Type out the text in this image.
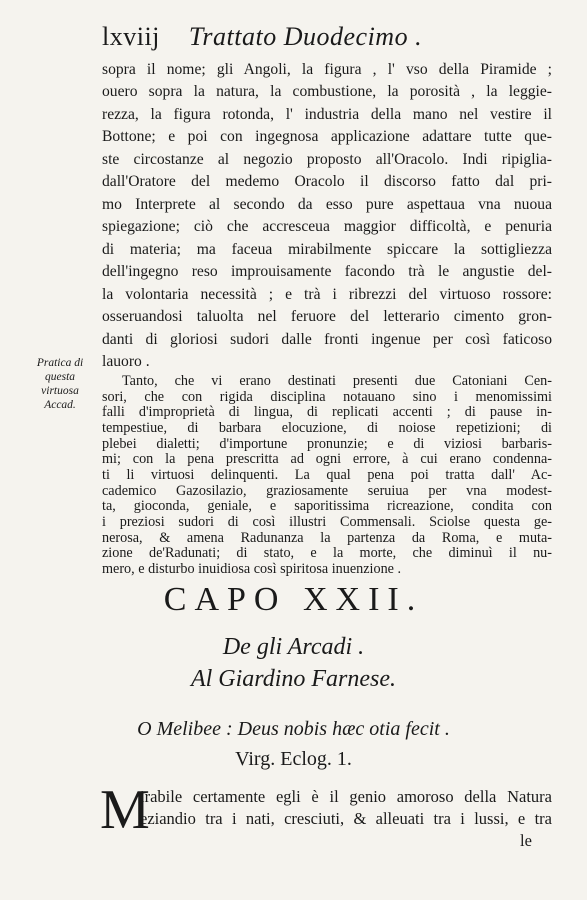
lxviij Trattato Duodecimo .
sopra il nome; gli Angoli, la figura , l' vso della Piramide ;
ouero sopra la natura, la combustione, la porosità , la leggie-
rezza, la figura rotonda, l' industria della mano nel vestire il
Bottone; e poi con ingegnosa applicazione adattare tutte que-
ste circostanze al negozio proposto all'Oracolo. Indi ripiglia-
dall'Oratore del medemo Oracolo il discorso fatto dal pri-
mo Interprete al secondo da esso pure aspettaua vna nuoua
spiegazione; ciò che accresceua maggior difficoltà, e penuria
di materia; ma faceua mirabilmente spiccare la sottigliezza
dell'ingegno reso improuisamente facondo trà le angustie del-
la volontaria necessità ; e trà i ribrezzi del virtuoso rossore:
osseruandosi taluolta nel feruore del letterario cimento gron-
danti di gloriosi sudori dalle fronti ingenue per così faticoso
lauoro .
Pratica di questa virtuosa Accad.
CAPO XXII.
De gli Arcadi .
Al Giardino Farnese.
O Melibee : Deus nobis hæc otia fecit .
Virg. Eclog. 1.
M
irabile certamente egli è il genio amoroso della Natura
eziandio tra i nati, cresciuti, & alleuati tra i lussi, e tra
le
Tanto, che vi erano destinati presenti due Catoniani Cen-
sori, che con rigida disciplina notauano sino i menomissimi
falli d'improprietà di lingua, di replicati accenti ; di pause in-
tempestiue, di barbara elocuzione, di noiose repetizioni; di
plebei dialetti; d'importune pronunzie; e di viziosi barbaris-
mi; con la pena prescritta ad ogni errore, à cui erano condenna-
ti li virtuosi delinquenti. La qual pena poi tratta dall' Ac-
cademico Gazosilazio, graziosamente seruiua per vna modest-
ta, gioconda, geniale, e saporitissima ricreazione, condita con
i preziosi sudori di così illustri Commensali. Sciolse questa ge-
nerosa, & amena Radunanza la partenza da Roma, e muta-
zione de'Radunati; di stato, e la morte, che diminuì il nu-
mero, e disturbo inuidiosa così spiritosa inuenzione .
